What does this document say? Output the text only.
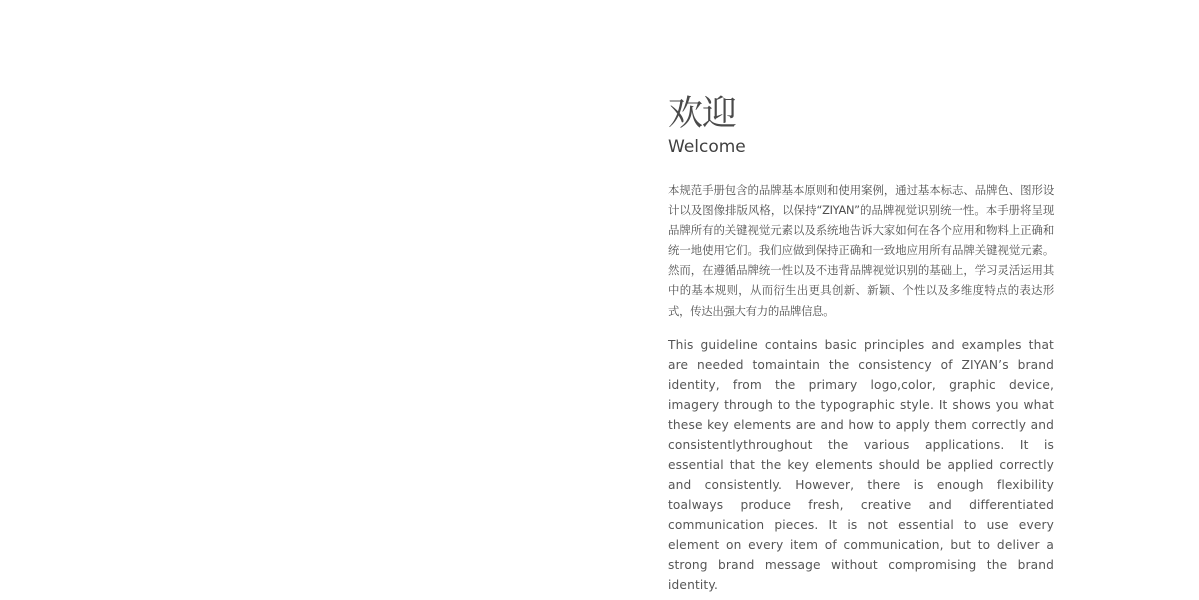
欢迎
Welcome

本规范手册包含的品牌基本原则和使用案例，通过基本标志、品牌色、图形设计以及图像排版风格，以保持“ZIYAN”的品牌视觉识别统一性。本手册将呈现品牌所有的关键视觉元素以及系统地告诉大家如何在各个应用和物料上正确和统一地使用它们。我们应做到保持正确和一致地应用所有品牌关键视觉元素。然而，在遵循品牌统一性以及不违背品牌视觉识别的基础上，学习灵活运用其中的基本规则，从而衍生出更具创新、新颖、个性以及多维度特点的表达形式，传达出强大有力的品牌信息。

This guideline contains basic principles and examples that are needed tomaintain the consistency of ZIYAN’s brand identity, from the primary logo,color, graphic device, imagery through to the typographic style. It shows you what these key elements are and how to apply them correctly and consistentlythroughout the various applications. It is essential that the key elements should be applied correctly and consistently. However, there is enough flexibility toalways produce fresh, creative and differentiated communication pieces. It is not essential to use every element on every item of communication, but to deliver a strong brand message without compromising the brand identity.
